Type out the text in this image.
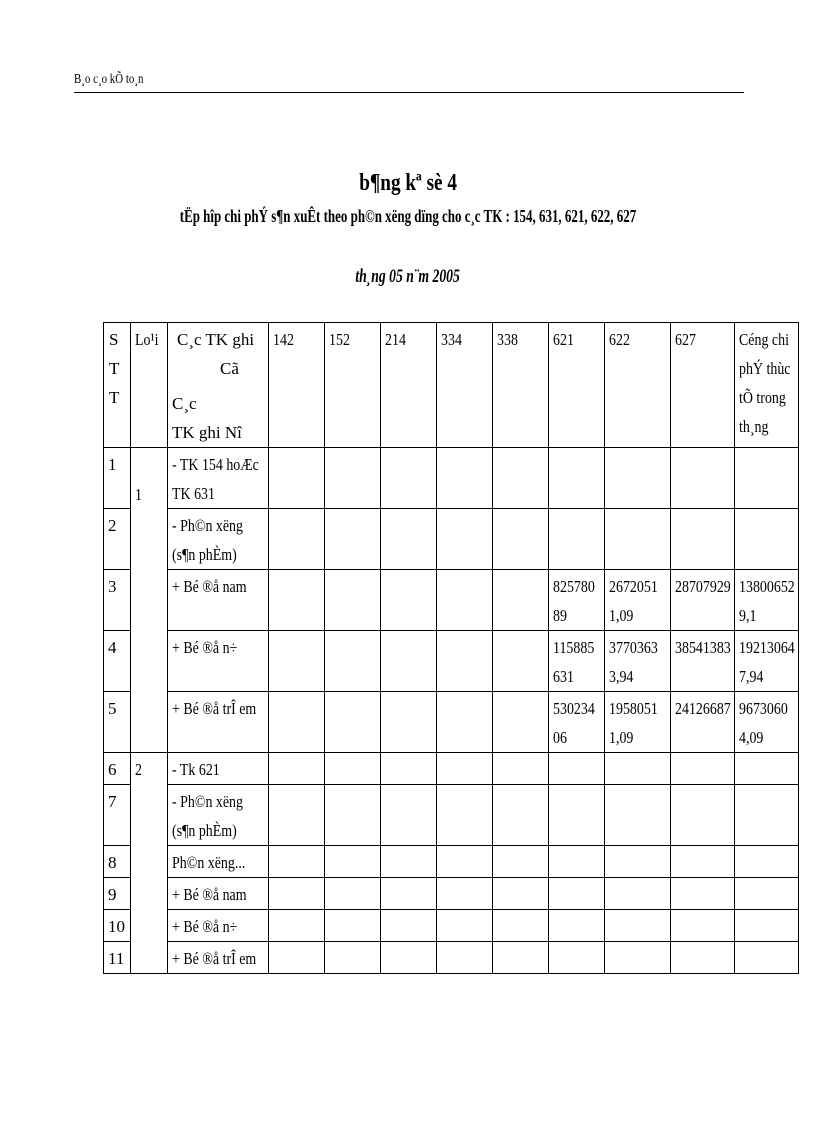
B¸o c¸o kÕ to¸n
b¶ng kª sè 4
tËp hîp chi phÝ s¶n xuÊt theo ph©n xëng dïng cho c¸c TK : 154, 631, 621, 622, 627
th¸ng 05 n¨m 2005
S T T	Lo¹i	C¸c TK ghi
Cã
C¸c
TK ghi Nî	142	152	214	334	338	621	622	627	Céng chi phÝ thùc tÕ trong th¸ng

1	1	- TK 154 hoÆc TK 631									

2		- Ph©n xëng (s¶n phÈm)									

3		+ Bé ®å nam						82578089	26720511,09	28707929	138006529,1

4		+ Bé ®å n÷						115885631	37703633,94	38541383	192130647,94

5		+ Bé ®å trÎ em						53023406	19580511,09	24126687	96730604,09

6	2	- Tk 621									

7		- Ph©n xëng (s¶n phÈm)									

8		Ph©n xëng...									

9		+ Bé ®å nam									

10		+ Bé ®å n÷									

11		+ Bé ®å trÎ em									
